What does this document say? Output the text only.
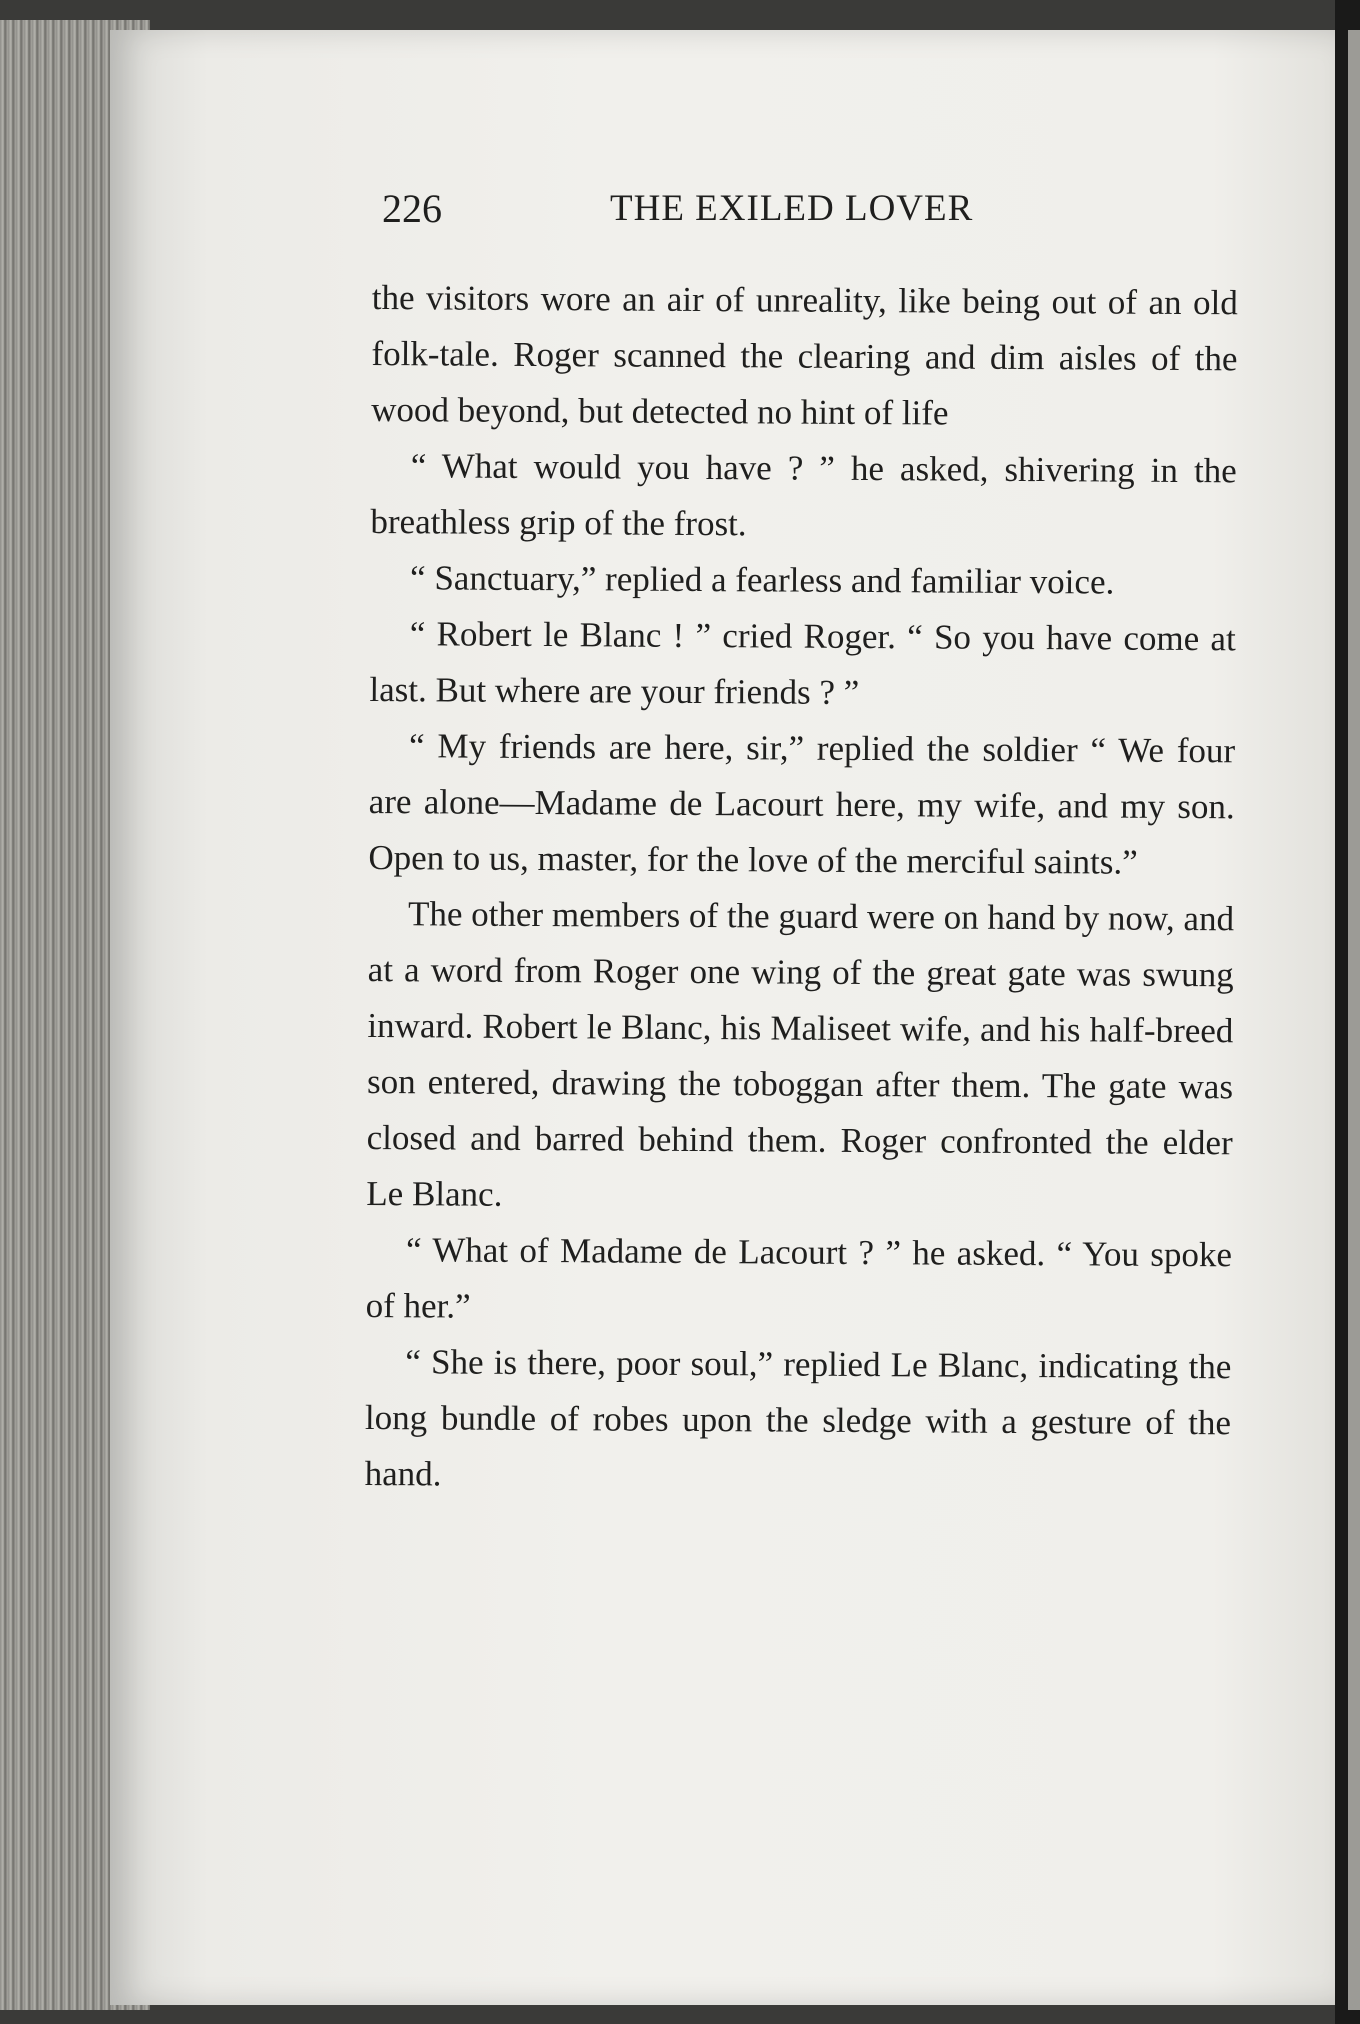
226	THE EXILED LOVER

the visitors wore an air of unreality, like being out of an old folk-tale. Roger scanned the clearing and dim aisles of the wood beyond, but detected no hint of life

“ What would you have ? ” he asked, shivering in the breathless grip of the frost.

“ Sanctuary,” replied a fearless and familiar voice.

“ Robert le Blanc ! ” cried Roger. “ So you have come at last. But where are your friends ? ”

“ My friends are here, sir,” replied the soldier “ We four are alone—Madame de Lacourt here, my wife, and my son. Open to us, master, for the love of the merciful saints.”

The other members of the guard were on hand by now, and at a word from Roger one wing of the great gate was swung inward. Robert le Blanc, his Maliseet wife, and his half-breed son entered, drawing the toboggan after them. The gate was closed and barred behind them. Roger confronted the elder Le Blanc.

“ What of Madame de Lacourt ? ” he asked. “ You spoke of her.”

“ She is there, poor soul,” replied Le Blanc, indicating the long bundle of robes upon the sledge with a gesture of the hand.
